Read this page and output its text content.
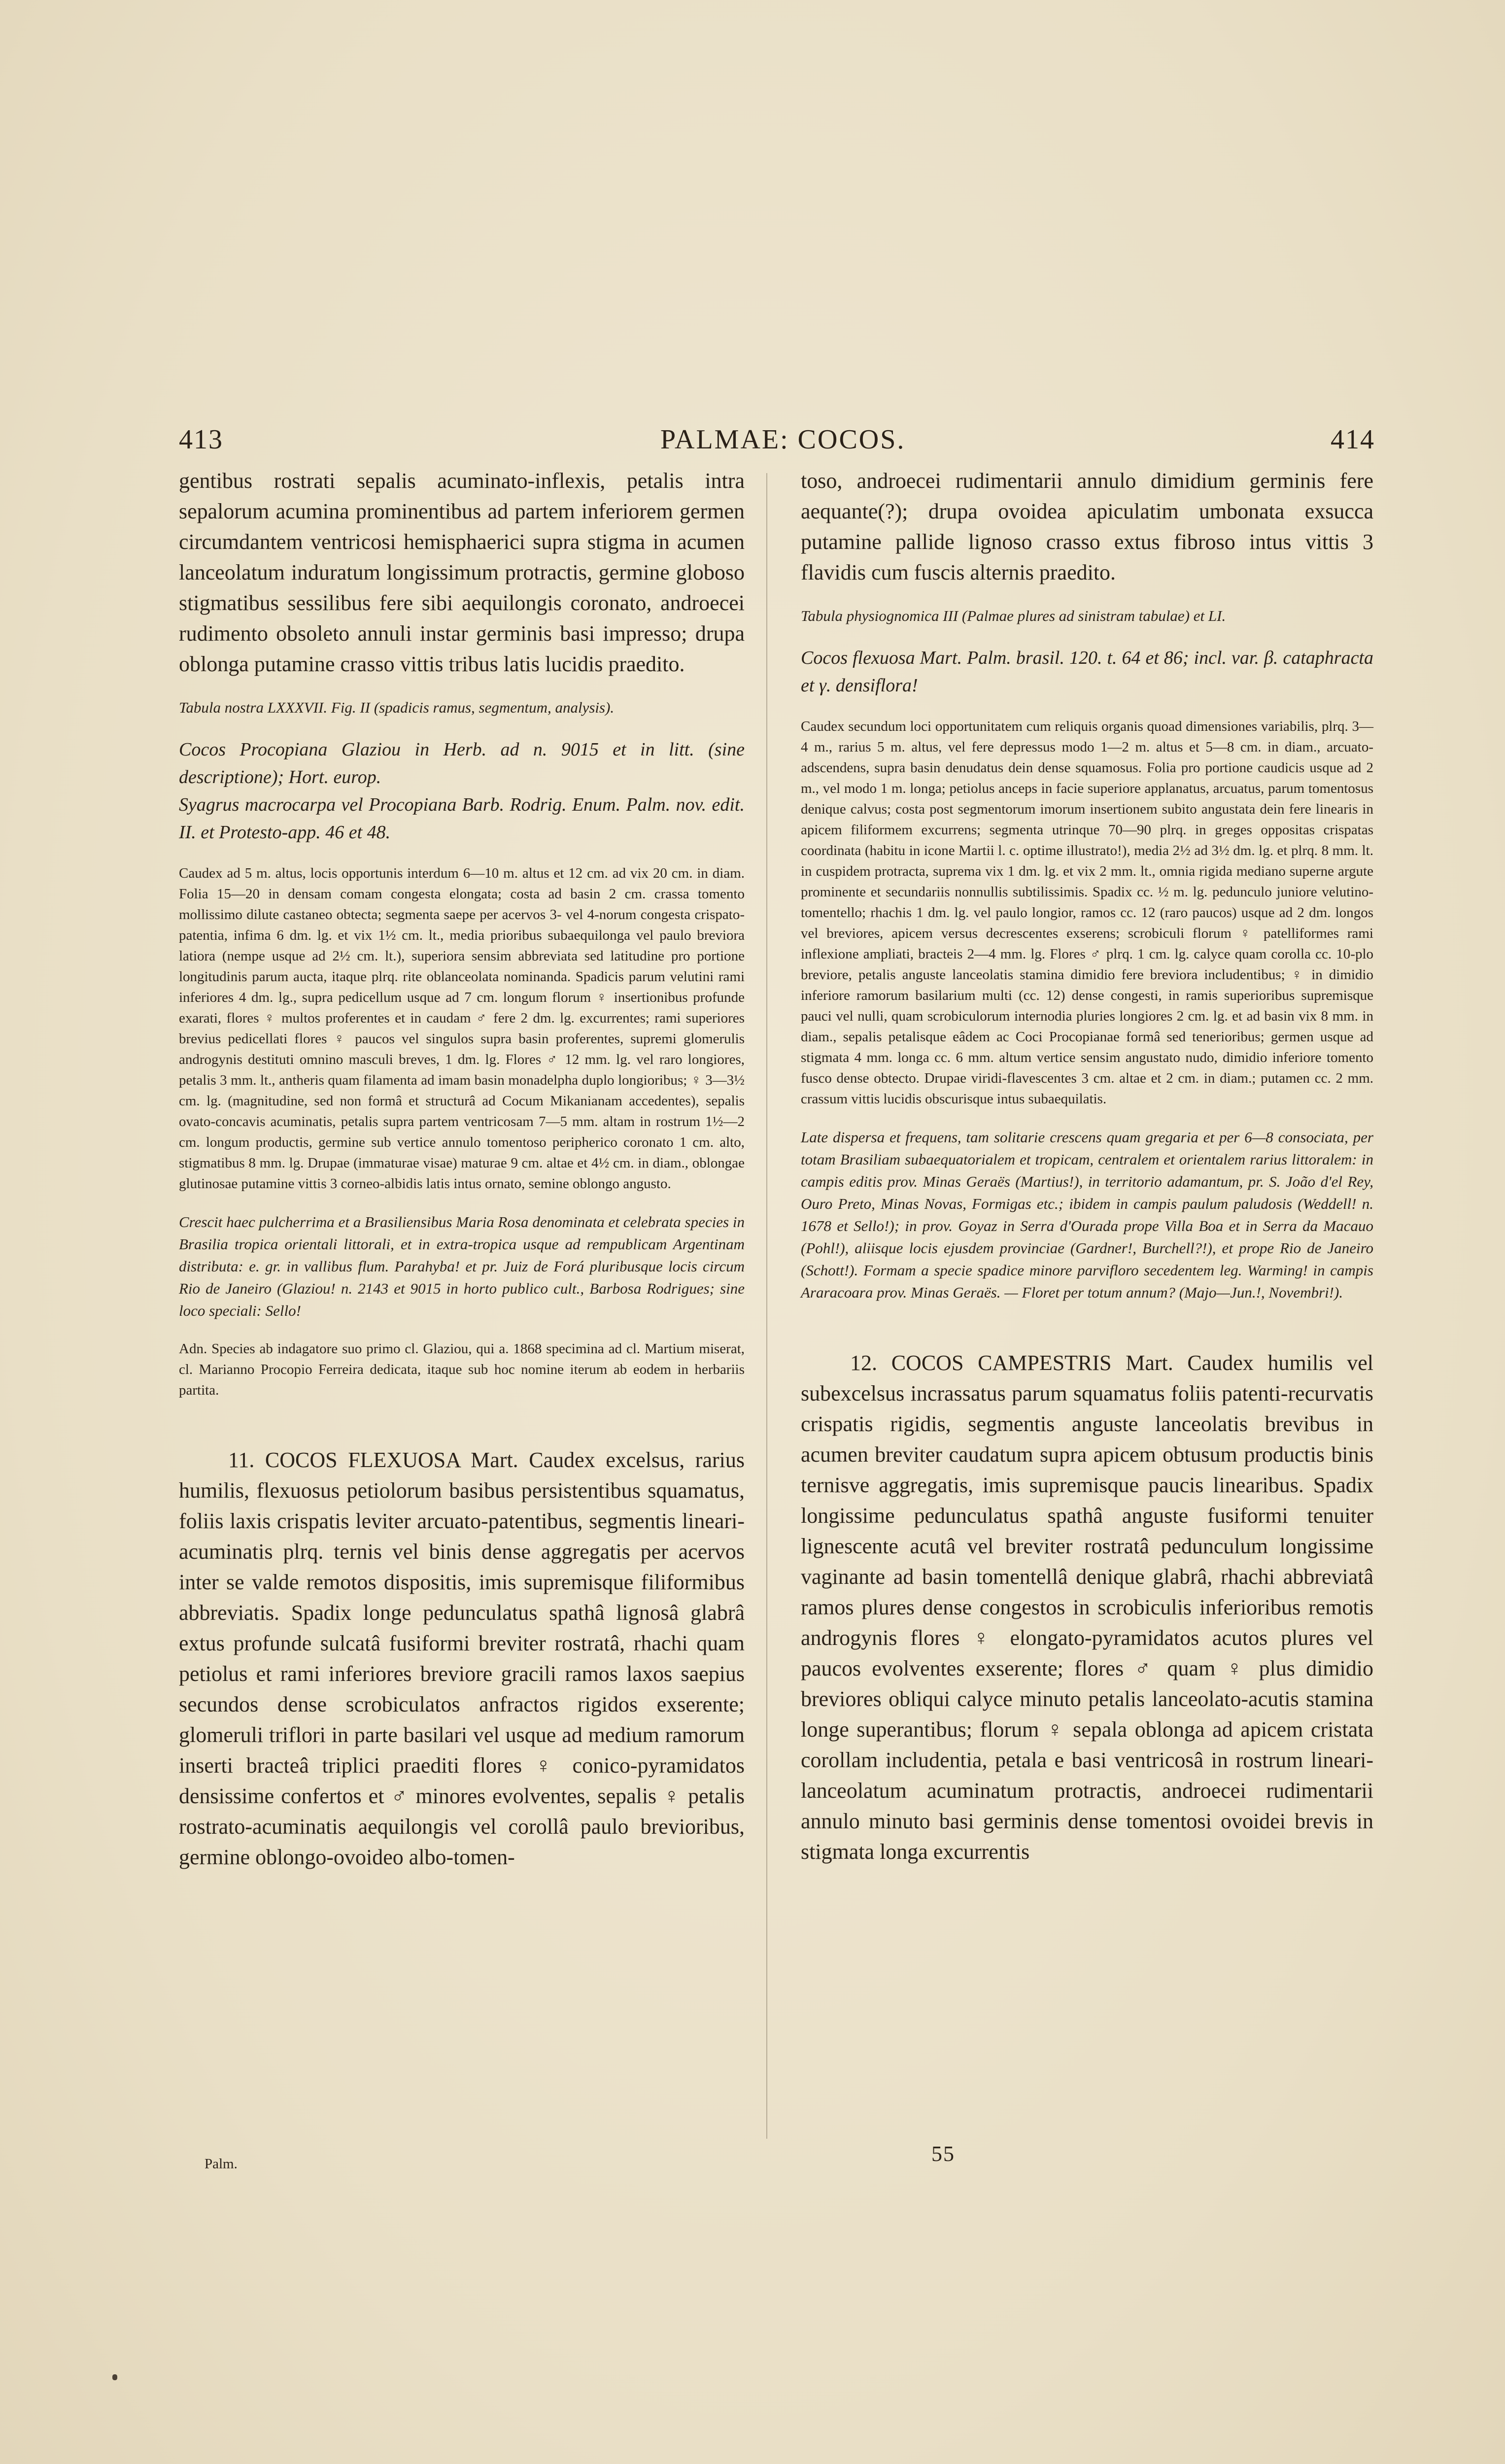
413	PALMAE: COCOS.	414

gentibus rostrati sepalis acuminato-inflexis, petalis intra sepalorum acumina prominentibus ad partem inferiorem germen circumdantem ventricosi hemisphaerici supra stigma in acumen lanceolatum induratum longissimum protractis, germine globoso stigmatibus sessilibus fere sibi aequilongis coronato, androecei rudimento obsoleto annuli instar germinis basi impresso; drupa oblonga putamine crasso vittis tribus latis lucidis praedito.

Tabula nostra LXXXVII. Fig. II (spadicis ramus, segmentum, analysis).

Cocos Procopiana Glaziou in Herb. ad n. 9015 et in litt. (sine descriptione); Hort. europ.

Syagrus macrocarpa vel Procopiana Barb. Rodrig. Enum. Palm. nov. edit. II. et Protesto-app. 46 et 48.

Caudex ad 5 m. altus, locis opportunis interdum 6—10 m. altus et 12 cm. ad vix 20 cm. in diam. Folia 15—20 in densam comam congesta elongata; costa ad basin 2 cm. crassa tomento mollissimo dilute castaneo obtecta; segmenta saepe per acervos 3- vel 4-norum congesta crispato-patentia, infima 6 dm. lg. et vix 1½ cm. lt., media prioribus subaequilonga vel paulo breviora latiora (nempe usque ad 2½ cm. lt.), superiora sensim abbreviata sed latitudine pro portione longitudinis parum aucta, itaque plrq. rite oblanceolata nominanda. Spadicis parum velutini rami inferiores 4 dm. lg., supra pedicellum usque ad 7 cm. longum florum ♀ insertionibus profunde exarati, flores ♀ multos proferentes et in caudam ♂ fere 2 dm. lg. excurrentes; rami superiores brevius pedicellati flores ♀ paucos vel singulos supra basin proferentes, supremi glomerulis androgynis destituti omnino masculi breves, 1 dm. lg. Flores ♂ 12 mm. lg. vel raro longiores, petalis 3 mm. lt., antheris quam filamenta ad imam basin monadelpha duplo longioribus; ♀ 3—3½ cm. lg. (magnitudine, sed non formâ et structurâ ad Cocum Mikanianam accedentes), sepalis ovato-concavis acuminatis, petalis supra partem ventricosam 7—5 mm. altam in rostrum 1½—2 cm. longum productis, germine sub vertice annulo tomentoso peripherico coronato 1 cm. alto, stigmatibus 8 mm. lg. Drupae (immaturae visae) maturae 9 cm. altae et 4½ cm. in diam., oblongae glutinosae putamine vittis 3 corneo-albidis latis intus ornato, semine oblongo angusto.

Crescit haec pulcherrima et a Brasiliensibus Maria Rosa denominata et celebrata species in Brasilia tropica orientali littorali, et in extra-tropica usque ad rempublicam Argentinam distributa: e. gr. in vallibus flum. Parahyba! et pr. Juiz de Forá pluribusque locis circum Rio de Janeiro (Glaziou! n. 2143 et 9015 in horto publico cult., Barbosa Rodrigues; sine loco speciali: Sello!

Adn. Species ab indagatore suo primo cl. Glaziou, qui a. 1868 specimina ad cl. Martium miserat, cl. Marianno Procopio Ferreira dedicata, itaque sub hoc nomine iterum ab eodem in herbariis partita.

11. COCOS FLEXUOSA Mart. Caudex excelsus, rarius humilis, flexuosus petiolorum basibus persistentibus squamatus, foliis laxis crispatis leviter arcuato-patentibus, segmentis lineari-acuminatis plrq. ternis vel binis dense aggregatis per acervos inter se valde remotos dispositis, imis supremisque filiformibus abbreviatis. Spadix longe pedunculatus spathâ lignosâ glabrâ extus profunde sulcatâ fusiformi breviter rostratâ, rhachi quam petiolus et rami inferiores breviore gracili ramos laxos saepius secundos dense scrobiculatos anfractos rigidos exserente; glomeruli triflori in parte basilari vel usque ad medium ramorum inserti bracteâ triplici praediti flores ♀ conico-pyramidatos densissime confertos et ♂ minores evolventes, sepalis ♀ petalis rostrato-acuminatis aequilongis vel corollâ paulo brevioribus, germine oblongo-ovoideo albo-tomen-

toso, androecei rudimentarii annulo dimidium germinis fere aequante(?); drupa ovoidea apiculatim umbonata exsucca putamine pallide lignoso crasso extus fibroso intus vittis 3 flavidis cum fuscis alternis praedito.

Tabula physiognomica III (Palmae plures ad sinistram tabulae) et LI.

Cocos flexuosa Mart. Palm. brasil. 120. t. 64 et 86; incl. var. β. cataphracta et γ. densiflora!

Caudex secundum loci opportunitatem cum reliquis organis quoad dimensiones variabilis, plrq. 3—4 m., rarius 5 m. altus, vel fere depressus modo 1—2 m. altus et 5—8 cm. in diam., arcuato-adscendens, supra basin denudatus dein dense squamosus. Folia pro portione caudicis usque ad 2 m., vel modo 1 m. longa; petiolus anceps in facie superiore applanatus, arcuatus, parum tomentosus denique calvus; costa post segmentorum imorum insertionem subito angustata dein fere linearis in apicem filiformem excurrens; segmenta utrinque 70—90 plrq. in greges oppositas crispatas coordinata (habitu in icone Martii l. c. optime illustrato!), media 2½ ad 3½ dm. lg. et plrq. 8 mm. lt. in cuspidem protracta, suprema vix 1 dm. lg. et vix 2 mm. lt., omnia rigida mediano superne argute prominente et secundariis nonnullis subtilissimis. Spadix cc. ½ m. lg. pedunculo juniore velutino-tomentello; rhachis 1 dm. lg. vel paulo longior, ramos cc. 12 (raro paucos) usque ad 2 dm. longos vel breviores, apicem versus decrescentes exserens; scrobiculi florum ♀ patelliformes rami inflexione ampliati, bracteis 2—4 mm. lg. Flores ♂ plrq. 1 cm. lg. calyce quam corolla cc. 10-plo breviore, petalis anguste lanceolatis stamina dimidio fere breviora includentibus; ♀ in dimidio inferiore ramorum basilarium multi (cc. 12) dense congesti, in ramis superioribus supremisque pauci vel nulli, quam scrobiculorum internodia pluries longiores 2 cm. lg. et ad basin vix 8 mm. in diam., sepalis petalisque eâdem ac Coci Procopianae formâ sed tenerioribus; germen usque ad stigmata 4 mm. longa cc. 6 mm. altum vertice sensim angustato nudo, dimidio inferiore tomento fusco dense obtecto. Drupae viridi-flavescentes 3 cm. altae et 2 cm. in diam.; putamen cc. 2 mm. crassum vittis lucidis obscurisque intus subaequilatis.

Late dispersa et frequens, tam solitarie crescens quam gregaria et per 6—8 consociata, per totam Brasiliam subaequatorialem et tropicam, centralem et orientalem rarius littoralem: in campis editis prov. Minas Geraës (Martius!), in territorio adamantum, pr. S. João d'el Rey, Ouro Preto, Minas Novas, Formigas etc.; ibidem in campis paulum paludosis (Weddell! n. 1678 et Sello!); in prov. Goyaz in Serra d'Ourada prope Villa Boa et in Serra da Macauo (Pohl!), aliisque locis ejusdem provinciae (Gardner!, Burchell?!), et prope Rio de Janeiro (Schott!). Formam a specie spadice minore parvifloro secedentem leg. Warming! in campis Araracoara prov. Minas Geraës. — Floret per totum annum? (Majo—Jun.!, Novembri!).

12. COCOS CAMPESTRIS Mart. Caudex humilis vel subexcelsus incrassatus parum squamatus foliis patenti-recurvatis crispatis rigidis, segmentis anguste lanceolatis brevibus in acumen breviter caudatum supra apicem obtusum productis binis ternisve aggregatis, imis supremisque paucis linearibus. Spadix longissime pedunculatus spathâ anguste fusiformi tenuiter lignescente acutâ vel breviter rostratâ pedunculum longissime vaginante ad basin tomentellâ denique glabrâ, rhachi abbreviatâ ramos plures dense congestos in scrobiculis inferioribus remotis androgynis flores ♀ elongato-pyramidatos acutos plures vel paucos evolventes exserente; flores ♂ quam ♀ plus dimidio breviores obliqui calyce minuto petalis lanceolato-acutis stamina longe superantibus; florum ♀ sepala oblonga ad apicem cristata corollam includentia, petala e basi ventricosâ in rostrum lineari-lanceolatum acuminatum protractis, androecei rudimentarii annulo minuto basi germinis dense tomentosi ovoidei brevis in stigmata longa excurrentis

Palm.	55
